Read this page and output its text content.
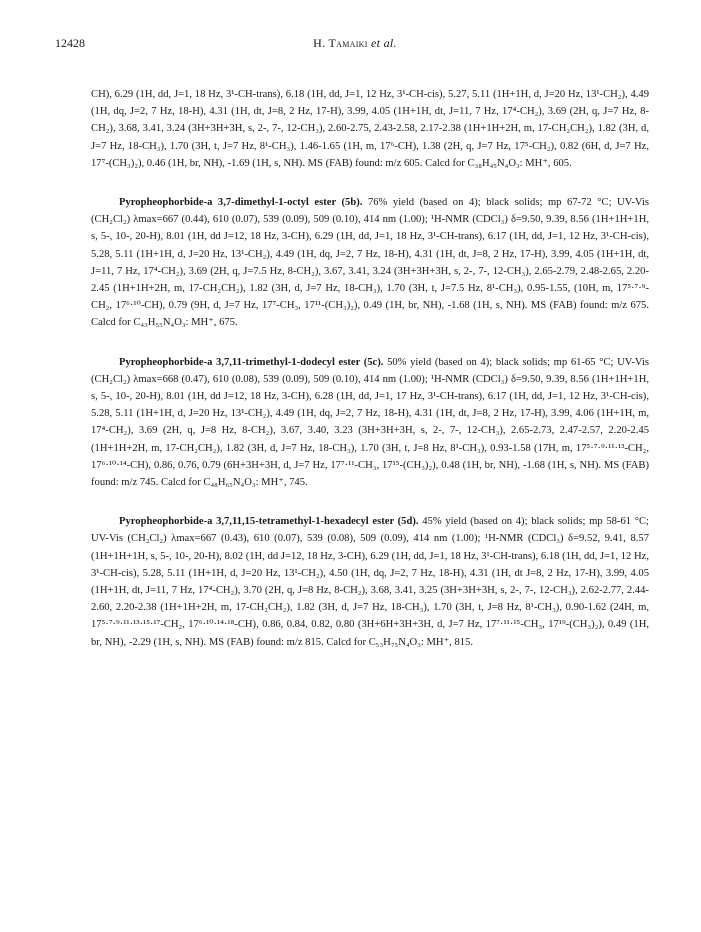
12428	H. Tamaiki et al.

CH), 6.29 (1H, dd, J=1, 18 Hz, 3¹-CH-trans), 6.18 (1H, dd, J=1, 12 Hz, 3¹-CH-cis), 5.27, 5.11 (1H+1H, d, J=20 Hz, 13¹-CH₂), 4.49 (1H, dq, J=2, 7 Hz, 18-H), 4.31 (1H, dt, J=8, 2 Hz, 17-H), 3.99, 4.05 (1H+1H, dt, J=11, 7 Hz, 17⁴-CH₂), 3.69 (2H, q, J=7 Hz, 8-CH₂), 3.68, 3.41, 3.24 (3H+3H+3H, s, 2-, 7-, 12-CH₃), 2.60-2.75, 2.43-2.58, 2.17-2.38 (1H+1H+2H, m, 17-CH₂CH₂), 1.82 (3H, d, J=7 Hz, 18-CH₃), 1.70 (3H, t, J=7 Hz, 8¹-CH₃), 1.46-1.65 (1H, m, 17⁶-CH), 1.38 (2H, q, J=7 Hz, 17⁵-CH₂), 0.82 (6H, d, J=7 Hz, 17⁷-(CH₃)₂), 0.46 (1H, br, NH), -1.69 (1H, s, NH). MS (FAB) found: m/z 605. Calcd for C₃₈H₄₅N₄O₃: MH⁺, 605.

Pyropheophorbide-a 3,7-dimethyl-1-octyl ester (5b). 76% yield (based on 4); black solids; mp 67-72 °C; UV-Vis (CH₂Cl₂) λmax=667 (0.44), 610 (0.07), 539 (0.09), 509 (0.10), 414 nm (1.00); ¹H-NMR (CDCl₃) δ=9.50, 9.39, 8.56 (1H+1H+1H, s, 5-, 10-, 20-H), 8.01 (1H, dd J=12, 18 Hz, 3-CH), 6.29 (1H, dd, J=1, 18 Hz, 3¹-CH-trans), 6.17 (1H, dd, J=1, 12 Hz, 3¹-CH-cis), 5.28, 5.11 (1H+1H, d, J=20 Hz, 13¹-CH₂), 4.49 (1H, dq, J=2, 7 Hz, 18-H), 4.31 (1H, dt, J=8, 2 Hz, 17-H), 3.99, 4.05 (1H+1H, dt, J=11, 7 Hz, 17⁴-CH₂), 3.69 (2H, q, J=7.5 Hz, 8-CH₂), 3.67, 3.41, 3.24 (3H+3H+3H, s, 2-, 7-, 12-CH₃), 2.65-2.79, 2.48-2.65, 2.20-2.45 (1H+1H+2H, m, 17-CH₂CH₂), 1.82 (3H, d, J=7 Hz, 18-CH₃), 1.70 (3H, t, J=7.5 Hz, 8¹-CH₃), 0.95-1.55, (10H, m, 17⁵·⁷·⁹-CH₂, 17⁶·¹⁰-CH), 0.79 (9H, d, J=7 Hz, 17⁷-CH₃, 17¹¹-(CH₃)₂), 0.49 (1H, br, NH), -1.68 (1H, s, NH). MS (FAB) found: m/z 675. Calcd for C₄₃H₅₅N₄O₃: MH⁺, 675.

Pyropheophorbide-a 3,7,11-trimethyl-1-dodecyl ester (5c). 50% yield (based on 4); black solids; mp 61-65 °C; UV-Vis (CH₂Cl₂) λmax=668 (0.47), 610 (0.08), 539 (0.09), 509 (0.10), 414 nm (1.00); ¹H-NMR (CDCl₃) δ=9.50, 9.39, 8.56 (1H+1H+1H, s, 5-, 10-, 20-H), 8.01 (1H, dd J=12, 18 Hz, 3-CH), 6.28 (1H, dd, J=1, 17 Hz, 3¹-CH-trans), 6.17 (1H, dd, J=1, 12 Hz, 3¹-CH-cis), 5.28, 5.11 (1H+1H, d, J=20 Hz, 13¹-CH₂), 4.49 (1H, dq, J=2, 7 Hz, 18-H), 4.31 (1H, dt, J=8, 2 Hz, 17-H), 3.99, 4.06 (1H+1H, m, 17⁴-CH₂), 3.69 (2H, q, J=8 Hz, 8-CH₂), 3.67, 3.40, 3.23 (3H+3H+3H, s, 2-, 7-, 12-CH₃), 2.65-2.73, 2.47-2.57, 2.20-2.45 (1H+1H+2H, m, 17-CH₂CH₂), 1.82 (3H, d, J=7 Hz, 18-CH₃), 1.70 (3H, t, J=8 Hz, 8¹-CH₃), 0.93-1.58 (17H, m, 17⁵·⁷·⁹·¹¹·¹³-CH₂, 17⁶·¹⁰·¹⁴-CH), 0.86, 0.76, 0.79 (6H+3H+3H, d, J=7 Hz, 17⁷·¹¹-CH₃, 17¹⁵-(CH₃)₂), 0.48 (1H, br, NH), -1.68 (1H, s, NH). MS (FAB) found: m/z 745. Calcd for C₄₈H₆₅N₄O₃: MH⁺, 745.

Pyropheophorbide-a 3,7,11,15-tetramethyl-1-hexadecyl ester (5d). 45% yield (based on 4); black solids; mp 58-61 °C; UV-Vis (CH₂Cl₂) λmax=667 (0.43), 610 (0.07), 539 (0.08), 509 (0.09), 414 nm (1.00); ¹H-NMR (CDCl₃) δ=9.52, 9.41, 8.57 (1H+1H+1H, s, 5-, 10-, 20-H), 8.02 (1H, dd J=12, 18 Hz, 3-CH), 6.29 (1H, dd, J=1, 18 Hz, 3¹-CH-trans), 6.18 (1H, dd, J=1, 12 Hz, 3¹-CH-cis), 5.28, 5.11 (1H+1H, d, J=20 Hz, 13¹-CH₂), 4.50 (1H, dq, J=2, 7 Hz, 18-H), 4.31 (1H, dt J=8, 2 Hz, 17-H), 3.99, 4.05 (1H+1H, dt, J=11, 7 Hz, 17⁴-CH₂), 3.70 (2H, q, J=8 Hz, 8-CH₂), 3.68, 3.41, 3.25 (3H+3H+3H, s, 2-, 7-, 12-CH₃), 2.62-2.77, 2.44-2.60, 2.20-2.38 (1H+1H+2H, m, 17-CH₂CH₂), 1.82 (3H, d, J=7 Hz, 18-CH₃), 1.70 (3H, t, J=8 Hz, 8¹-CH₃), 0.90-1.62 (24H, m, 17⁵·⁷·⁹·¹¹·¹³·¹⁵·¹⁷-CH₂, 17⁶·¹⁰·¹⁴·¹⁸-CH), 0.86, 0.84, 0.82, 0.80 (3H+6H+3H+3H, d, J=7 Hz, 17⁷·¹¹·¹⁵-CH₃, 17¹⁹-(CH₃)₂), 0.49 (1H, br, NH), -2.29 (1H, s, NH). MS (FAB) found: m/z 815. Calcd for C₅₃H₇₅N₄O₃: MH⁺, 815.
